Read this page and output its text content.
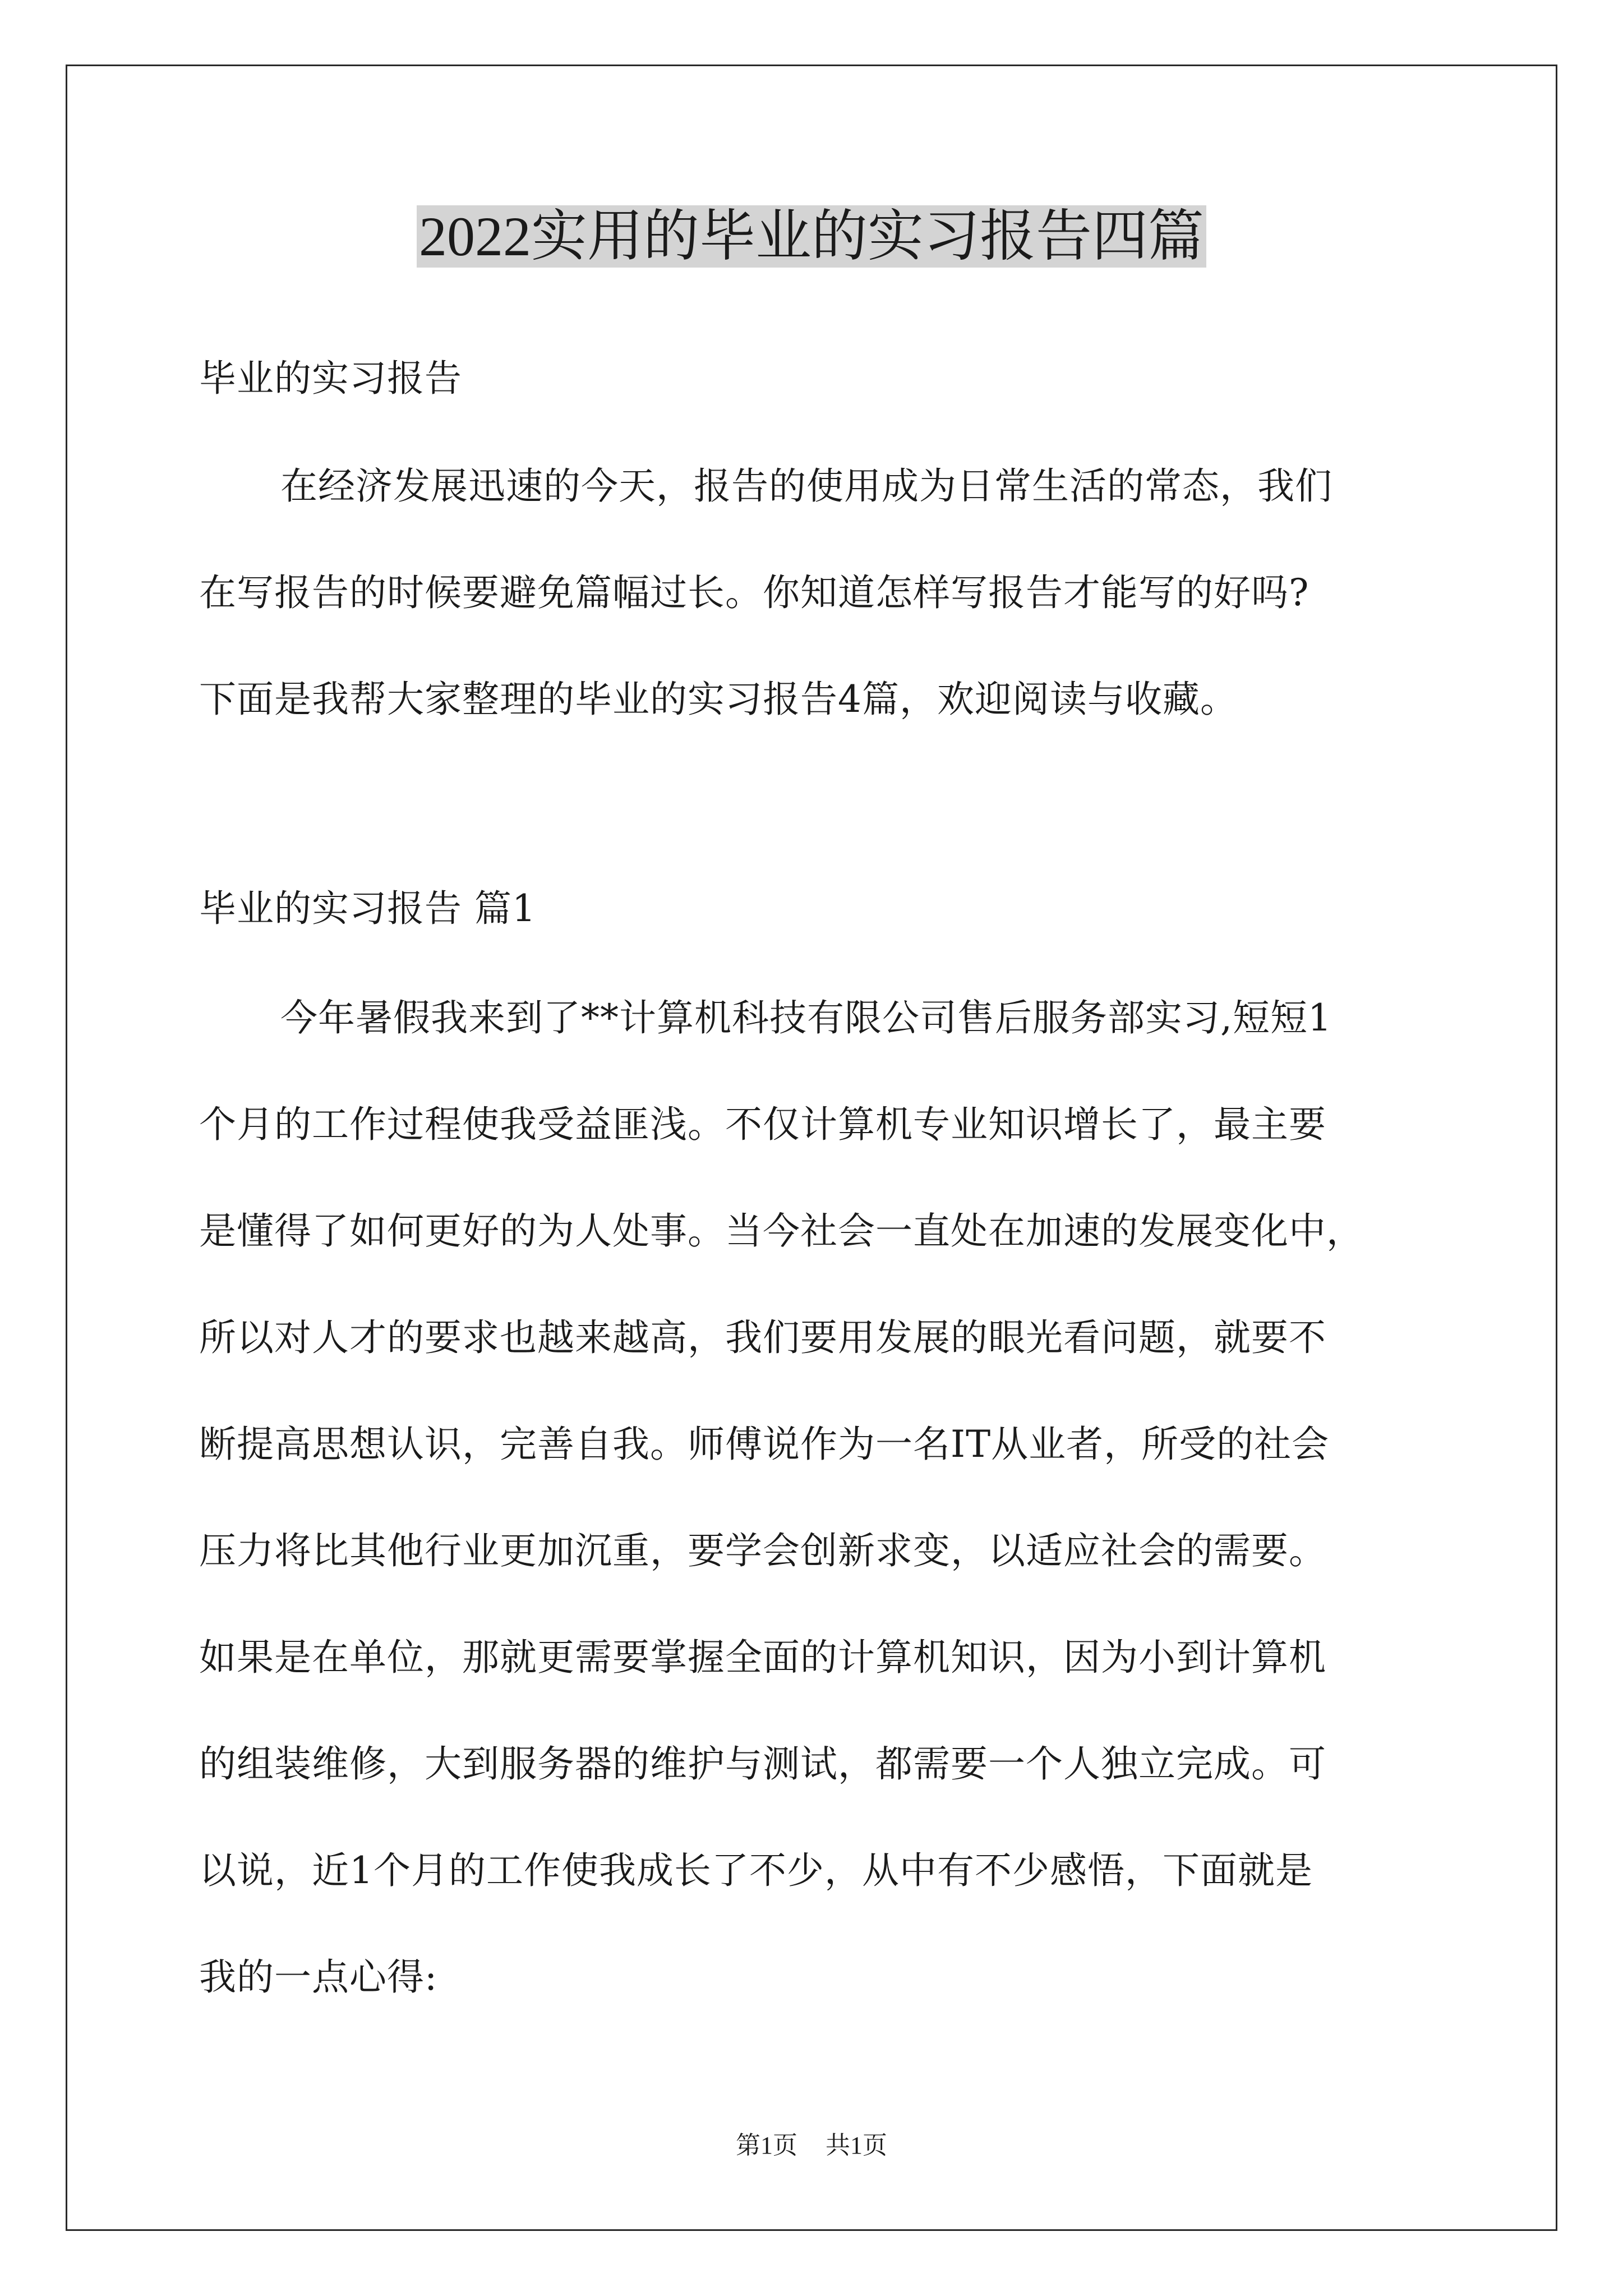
2022实用的毕业的实习报告四篇
毕业的实习报告
在经济发展迅速的今天，报告的使用成为日常生活的常态，我们
在写报告的时候要避免篇幅过长。你知道怎样写报告才能写的好吗?
下面是我帮大家整理的毕业的实习报告4篇，欢迎阅读与收藏。
毕业的实习报告 篇1
今年暑假我来到了**计算机科技有限公司售后服务部实习,短短1
个月的工作过程使我受益匪浅。不仅计算机专业知识增长了，最主要
是懂得了如何更好的为人处事。当今社会一直处在加速的发展变化中，
所以对人才的要求也越来越高，我们要用发展的眼光看问题，就要不
断提高思想认识，完善自我。师傅说作为一名IT从业者，所受的社会
压力将比其他行业更加沉重，要学会创新求变，以适应社会的需要。
如果是在单位，那就更需要掌握全面的计算机知识，因为小到计算机
的组装维修，大到服务器的维护与测试，都需要一个人独立完成。可
以说，近1个月的工作使我成长了不少，从中有不少感悟，下面就是
我的一点心得:
第1页 共1页
